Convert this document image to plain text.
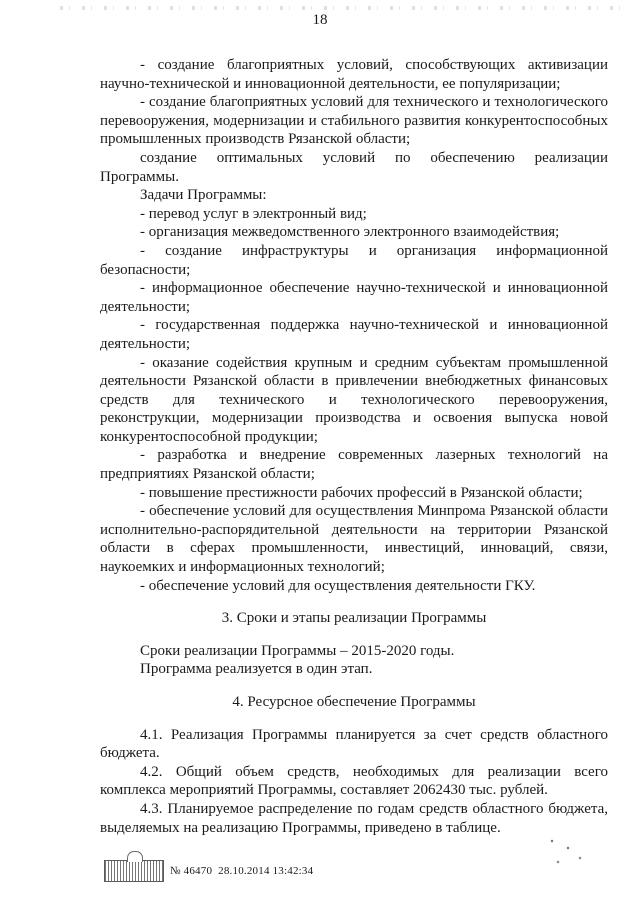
18

- создание благоприятных условий, способствующих активизации научно-технической и инновационной деятельности, ее популяризации;

- создание благоприятных условий для технического и технологического перевооружения, модернизации и стабильного развития конкурентоспособных промышленных производств Рязанской области;

создание оптимальных условий по обеспечению реализации Программы.

Задачи Программы:

- перевод услуг в электронный вид;

- организация межведомственного электронного взаимодействия;

- создание инфраструктуры и организация информационной безопасности;

- информационное обеспечение научно-технической и инновационной деятельности;

- государственная поддержка научно-технической и инновационной деятельности;

- оказание содействия крупным и средним субъектам промышленной деятельности Рязанской области в привлечении внебюджетных финансовых средств для технического и технологического перевооружения, реконструкции, модернизации производства и освоения выпуска новой конкурентоспособной продукции;

- разработка и внедрение современных лазерных технологий на предприятиях Рязанской области;

- повышение престижности рабочих профессий в Рязанской области;

- обеспечение условий для осуществления Минпрома Рязанской области исполнительно-распорядительной деятельности на территории Рязанской области в сферах промышленности, инвестиций, инноваций, связи, наукоемких и информационных технологий;

- обеспечение условий для осуществления деятельности ГКУ.

3. Сроки и этапы реализации Программы

Сроки реализации Программы – 2015-2020 годы.

Программа реализуется в один этап.

4. Ресурсное обеспечение Программы

4.1. Реализация Программы планируется за счет средств областного бюджета.

4.2. Общий объем средств, необходимых для реализации всего комплекса мероприятий Программы, составляет 2062430 тыс. рублей.

4.3. Планируемое распределение по годам средств областного бюджета, выделяемых на реализацию Программы, приведено в таблице.

№ 46470 28.10.2014 13:42:34
